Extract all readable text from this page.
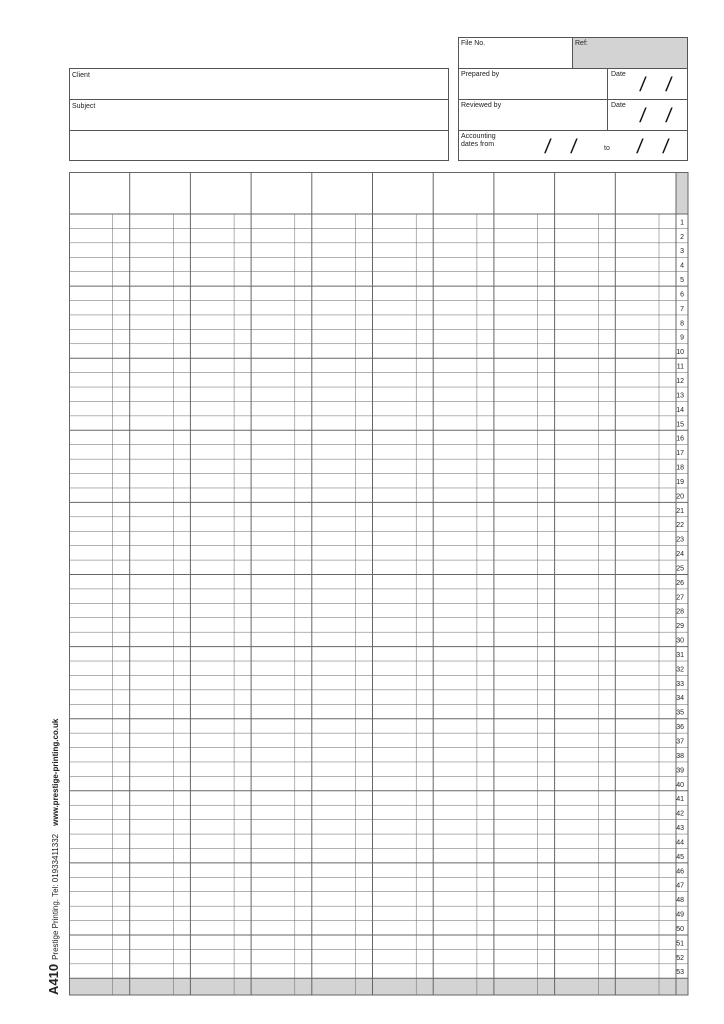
File No.	Ref:
Prepared by	Date / /
Reviewed by	Date / /
Accounting
dates from / /	to / /
Client
Subject
1
2
3
4
5
6
7
8
9
10
11
12
13
14
15
16
17
18
19
20
21
22
23
24
25
26
27
28
29
30
31
32
33
34
35
36
37
38
39
40
41
42
43
44
45
46
47
48
49
50
51
52
53
A410Prestige Printing. Tel: 01933411332www.prestige-printing.co.uk
